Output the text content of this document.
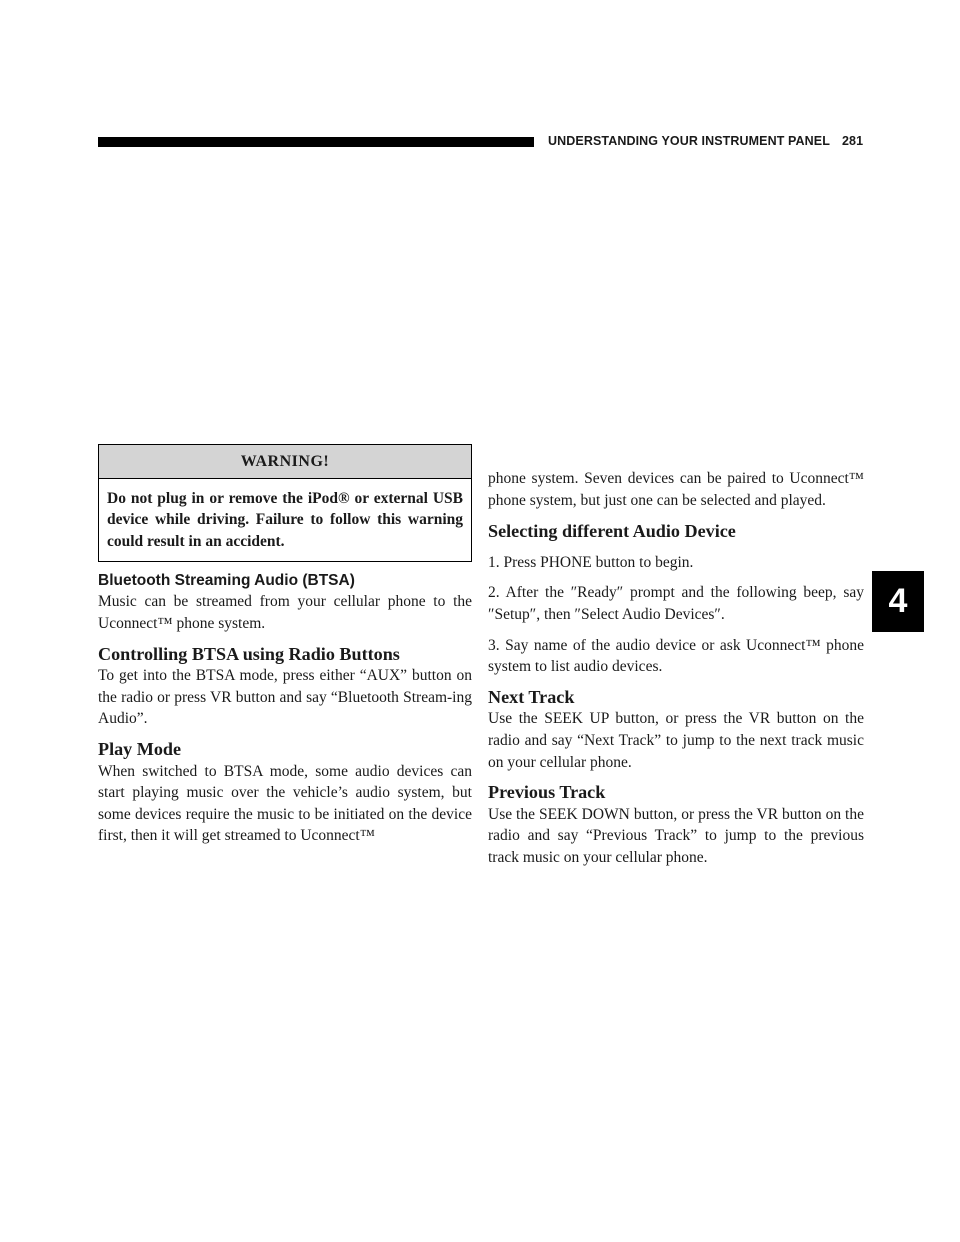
UNDERSTANDING YOUR INSTRUMENT PANEL 281
4
WARNING!
Do not plug in or remove the iPod® or external USB device while driving. Failure to follow this warning could result in an accident.
Bluetooth Streaming Audio (BTSA)

Music can be streamed from your cellular phone to the Uconnect™ phone system.

Controlling BTSA using Radio Buttons

To get into the BTSA mode, press either “AUX” button on the radio or press VR button and say “Bluetooth Stream-ing Audio”.

Play Mode

When switched to BTSA mode, some audio devices can start playing music over the vehicle’s audio system, but some devices require the music to be initiated on the device first, then it will get streamed to Uconnect™

phone system. Seven devices can be paired to Uconnect™ phone system, but just one can be selected and played.

Selecting different Audio Device

1. Press PHONE button to begin.

2. After the ″Ready″ prompt and the following beep, say ″Setup″, then ″Select Audio Devices″.

3. Say name of the audio device or ask Uconnect™ phone system to list audio devices.

Next Track

Use the SEEK UP button, or press the VR button on the radio and say “Next Track” to jump to the next track music on your cellular phone.

Previous Track

Use the SEEK DOWN button, or press the VR button on the radio and say “Previous Track” to jump to the previous track music on your cellular phone.
